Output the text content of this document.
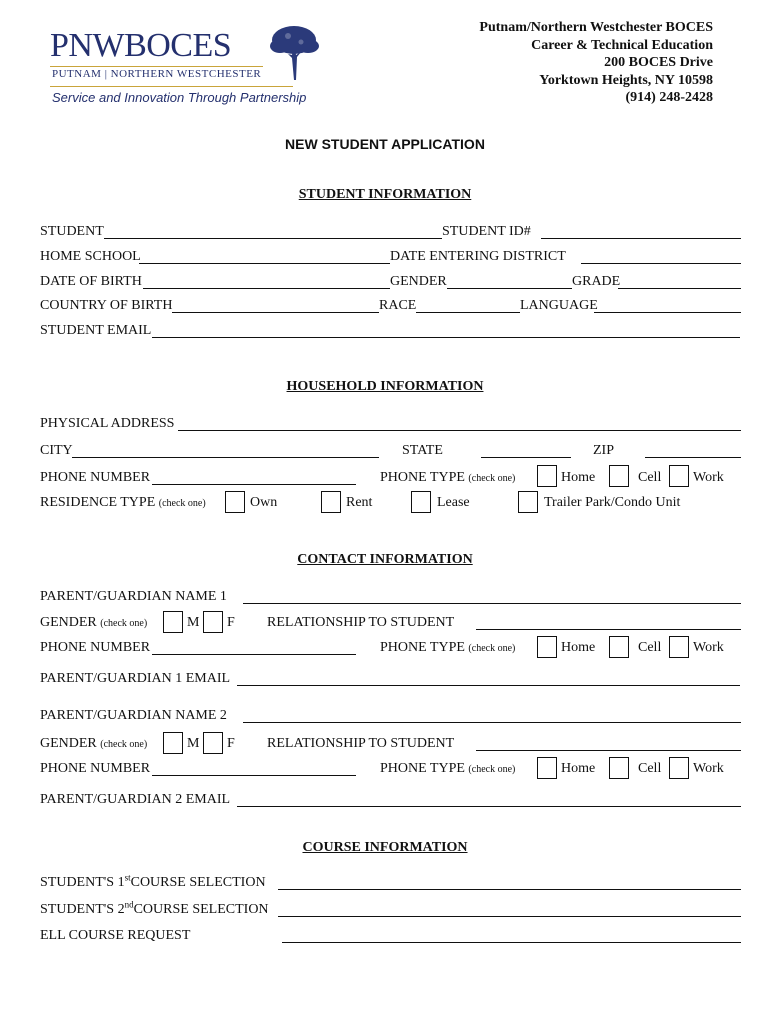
PNWBOCES
PUTNAM | NORTHERN WESTCHESTER
Service and Innovation Through Partnership
Putnam/Northern Westchester BOCES
Career & Technical Education
200 BOCES Drive
Yorktown Heights, NY 10598
(914) 248-2428
NEW STUDENT APPLICATION
STUDENT INFORMATION
STUDENT	STUDENT ID#
HOME SCHOOL	DATE ENTERING DISTRICT
DATE OF BIRTH	GENDER	GRADE
COUNTRY OF BIRTH	RACE	LANGUAGE
STUDENT EMAIL
HOUSEHOLD INFORMATION
PHYSICAL ADDRESS
CITY	STATE	ZIP
PHONE NUMBER	PHONE TYPE (check one)	Home	Cell Work
RESIDENCE TYPE (check one)	Own	Rent	Lease	Trailer Park/Condo Unit
CONTACT INFORMATION
PARENT/GUARDIAN NAME 1
GENDER (check one)	M F RELATIONSHIP TO STUDENT
PHONE NUMBER	PHONE TYPE (check one)	Home	Cell Work
PARENT/GUARDIAN 1 EMAIL
PARENT/GUARDIAN NAME 2
GENDER (check one)	M F RELATIONSHIP TO STUDENT
PHONE NUMBER	PHONE TYPE (check one)	Home	Cell Work
PARENT/GUARDIAN 2 EMAIL
COURSE INFORMATION
STUDENT'S 1stCOURSE SELECTION
STUDENT'S 2ndCOURSE SELECTION
ELL COURSE REQUEST
